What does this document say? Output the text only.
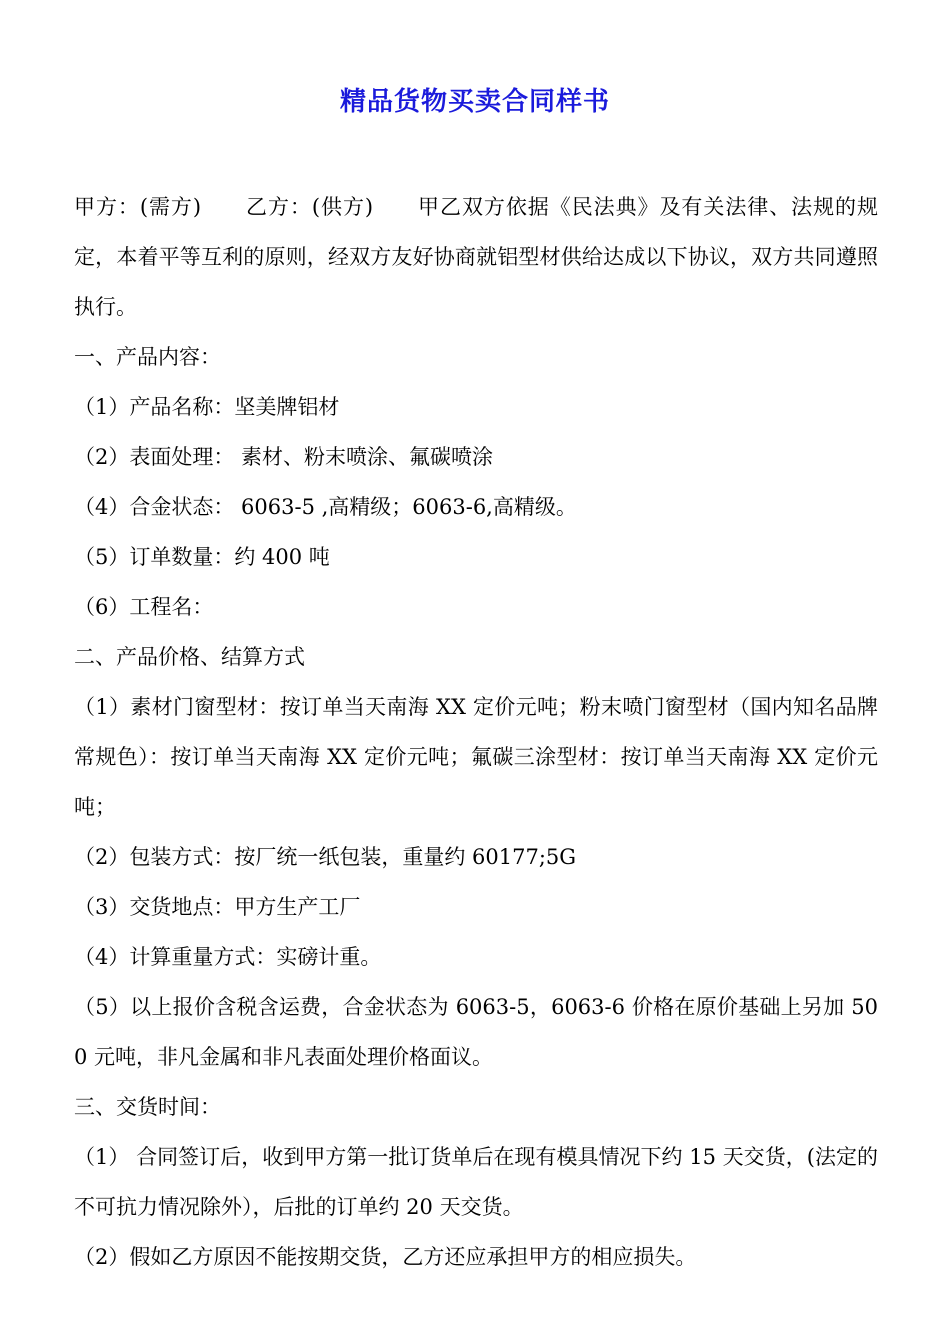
精品货物买卖合同样书

甲方：(需方) 乙方：(供方) 甲乙双方依据《民法典》及有关法律、法规的规定，本着平等互利的原则，经双方友好协商就铝型材供给达成以下协议，双方共同遵照执行。

一、产品内容：

（1）产品名称：坚美牌铝材

（2）表面处理： 素材、粉末喷涂、氟碳喷涂

（4）合金状态： 6063-5 ,高精级；6063-6,高精级。

（5）订单数量：约 400 吨

（6）工程名：

二、产品价格、结算方式

（1）素材门窗型材：按订单当天南海 XX 定价元吨；粉末喷门窗型材（国内知名品牌常规色）：按订单当天南海 XX 定价元吨；氟碳三涂型材：按订单当天南海 XX 定价元吨；

（2）包装方式：按厂统一纸包装，重量约 60177;5G

（3）交货地点：甲方生产工厂

（4）计算重量方式：实磅计重。

（5）以上报价含税含运费，合金状态为 6063-5，6063-6 价格在原价基础上另加 500 元吨，非凡金属和非凡表面处理价格面议。

三、交货时间：

（1） 合同签订后，收到甲方第一批订货单后在现有模具情况下约 15 天交货，(法定的不可抗力情况除外），后批的订单约 20 天交货。

（2）假如乙方原因不能按期交货，乙方还应承担甲方的相应损失。
